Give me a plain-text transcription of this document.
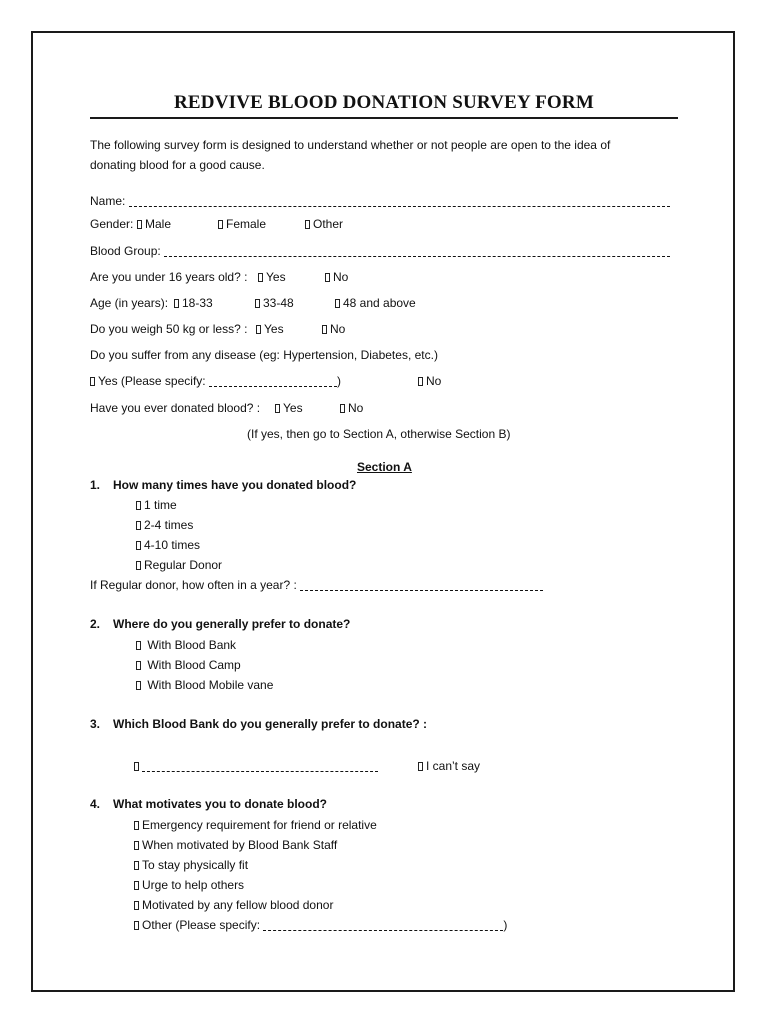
REDVIVE BLOOD DONATION SURVEY FORM
The following survey form is designed to understand whether or not people are open to the idea of
donating blood for a good cause.
Name:
Gender: Male	Female	Other
Blood Group:
Are you under 16 years old? :	Yes	No
Age (in years):	18-33	33-48	48 and above
Do you weigh 50 kg or less? :	Yes	No
Do you suffer from any disease (eg: Hypertension, Diabetes, etc.)
Yes (Please specify:	)	No
Have you ever donated blood? :	Yes	No
(If yes, then go to Section A, otherwise Section B)
Section A
1. How many times have you donated blood?
1 time
2-4 times
4-10 times
Regular Donor
If Regular donor, how often in a year? :
2. Where do you generally prefer to donate?
With Blood Bank
With Blood Camp
With Blood Mobile vane
3. Which Blood Bank do you generally prefer to donate? :
I can’t say
4. What motivates you to donate blood?
Emergency requirement for friend or relative
When motivated by Blood Bank Staff
To stay physically fit
Urge to help others
Motivated by any fellow blood donor
Other (Please specify:	)
